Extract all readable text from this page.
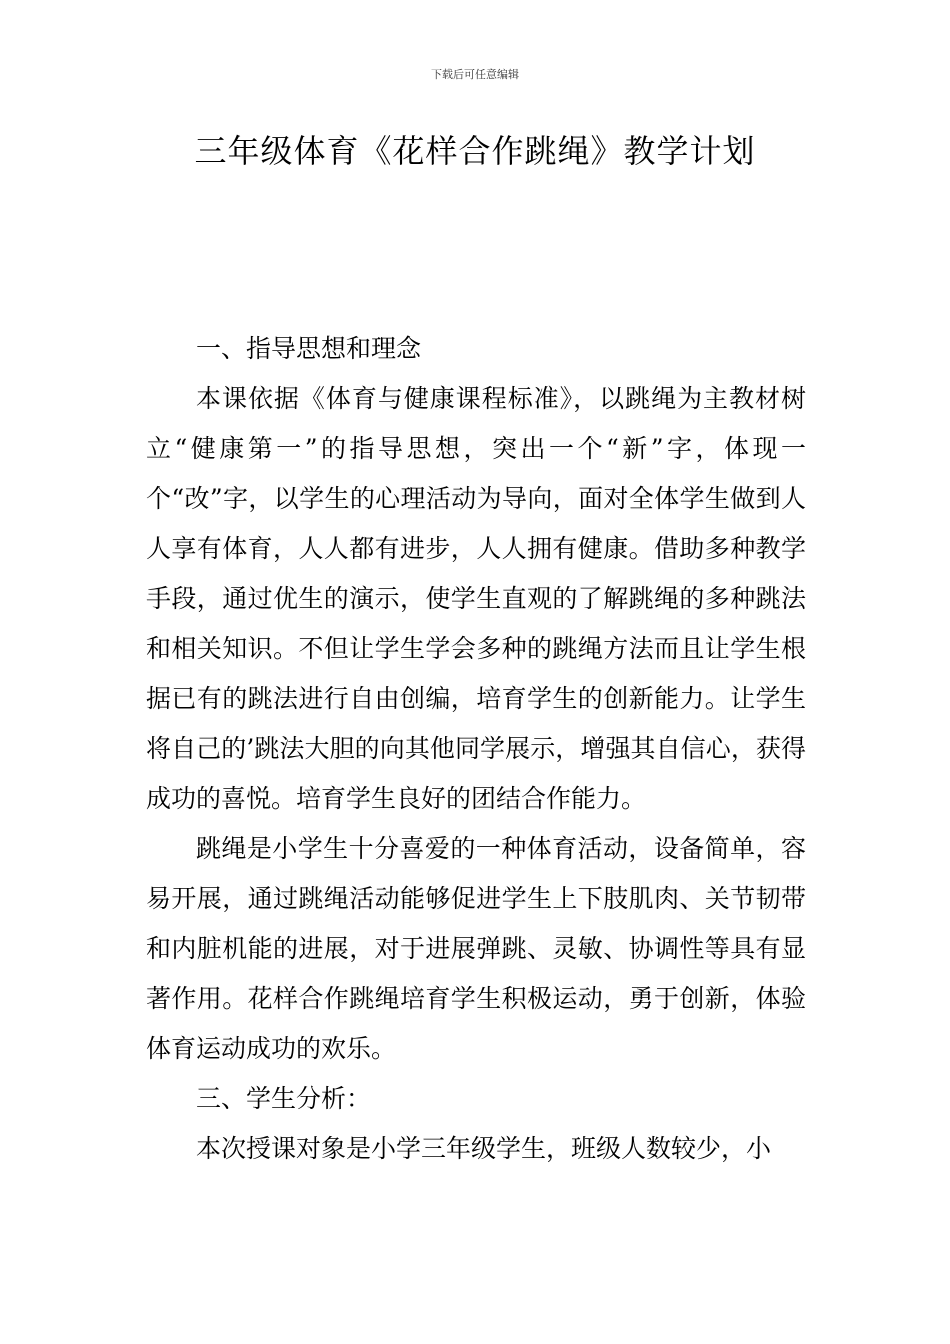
下载后可任意编辑
三年级体育《花样合作跳绳》教学计划

一、指导思想和理念

本课依据《体育与健康课程标准》，以跳绳为主教材树立“健康第一”的指导思想，突出一个“新”字，体现一个“改”字，以学生的心理活动为导向，面对全体学生做到人人享有体育，人人都有进步，人人拥有健康。借助多种教学手段，通过优生的演示，使学生直观的了解跳绳的多种跳法和相关知识。不但让学生学会多种的跳绳方法而且让学生根据已有的跳法进行自由创编，培育学生的创新能力。让学生将自己的’跳法大胆的向其他同学展示，增强其自信心，获得成功的喜悦。培育学生良好的团结合作能力。

跳绳是小学生十分喜爱的一种体育活动，设备简单，容易开展，通过跳绳活动能够促进学生上下肢肌肉、关节韧带和内脏机能的进展，对于进展弹跳、灵敏、协调性等具有显著作用。花样合作跳绳培育学生积极运动，勇于创新，体验体育运动成功的欢乐。

三、学生分析：

本次授课对象是小学三年级学生，班级人数较少，小
